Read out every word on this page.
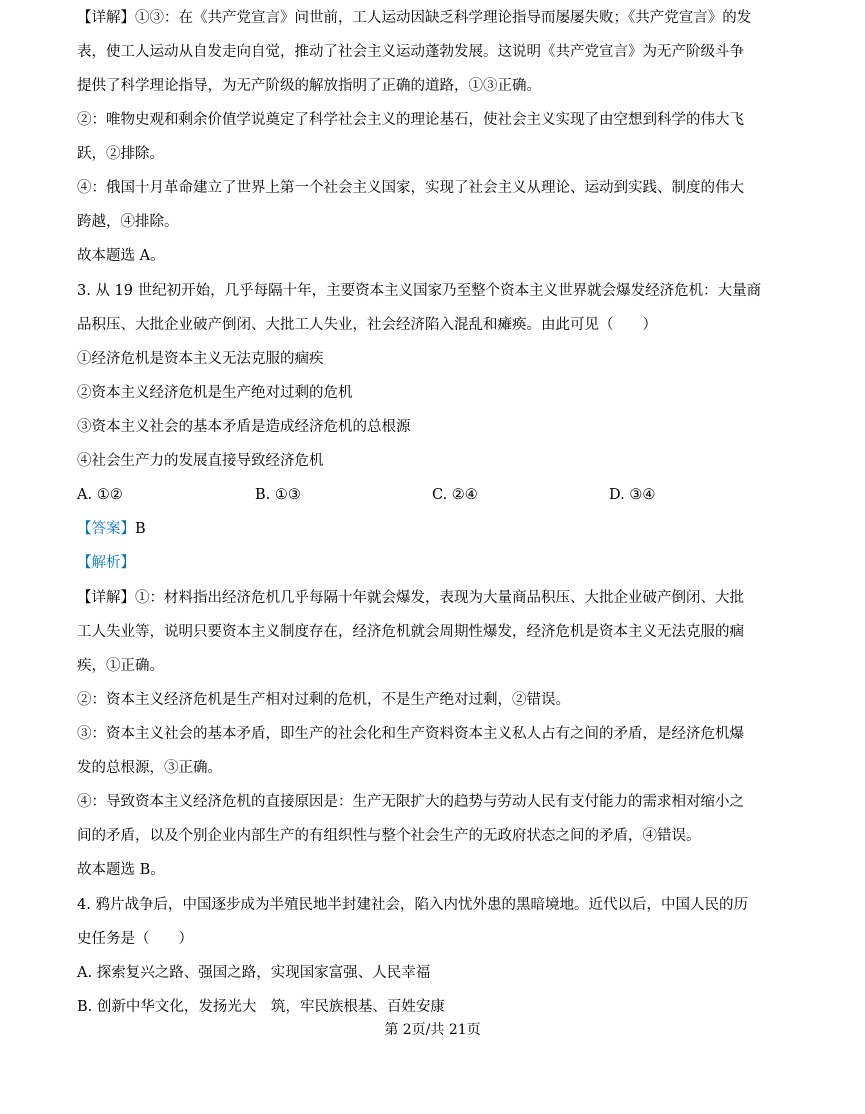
【详解】①③：在《共产党宣言》问世前，工人运动因缺乏科学理论指导而屡屡失败；《共产党宣言》的发
表，使工人运动从自发走向自觉，推动了社会主义运动蓬勃发展。这说明《共产党宣言》为无产阶级斗争
提供了科学理论指导，为无产阶级的解放指明了正确的道路，①③正确。
②：唯物史观和剩余价值学说奠定了科学社会主义的理论基石，使社会主义实现了由空想到科学的伟大飞
跃，②排除。
④：俄国十月革命建立了世界上第一个社会主义国家，实现了社会主义从理论、运动到实践、制度的伟大
跨越，④排除。
故本题选 A。
3. 从 19 世纪初开始，几乎每隔十年，主要资本主义国家乃至整个资本主义世界就会爆发经济危机：大量商
品积压、大批企业破产倒闭、大批工人失业，社会经济陷入混乱和瘫痪。由此可见（　　）
①经济危机是资本主义无法克服的痼疾
②资本主义经济危机是生产绝对过剩的危机
③资本主义社会的基本矛盾是造成经济危机的总根源
④社会生产力的发展直接导致经济危机
A. ①②	B. ①③	C. ②④	D. ③④
【答案】B
【解析】
【详解】①：材料指出经济危机几乎每隔十年就会爆发，表现为大量商品积压、大批企业破产倒闭、大批
工人失业等，说明只要资本主义制度存在，经济危机就会周期性爆发，经济危机是资本主义无法克服的痼
疾，①正确。
②：资本主义经济危机是生产相对过剩的危机，不是生产绝对过剩，②错误。
③：资本主义社会的基本矛盾，即生产的社会化和生产资料资本主义私人占有之间的矛盾，是经济危机爆
发的总根源，③正确。
④：导致资本主义经济危机的直接原因是：生产无限扩大的趋势与劳动人民有支付能力的需求相对缩小之
间的矛盾，以及个别企业内部生产的有组织性与整个社会生产的无政府状态之间的矛盾，④错误。
故本题选 B。
4. 鸦片战争后，中国逐步成为半殖民地半封建社会，陷入内忧外患的黑暗境地。近代以后，中国人民的历
史任务是（　　）
A. 探索复兴之路、强国之路，实现国家富强、人民幸福
B. 创新中华文化，发扬光大　筑，牢民族根基、百姓安康
第 2页/共 21页
